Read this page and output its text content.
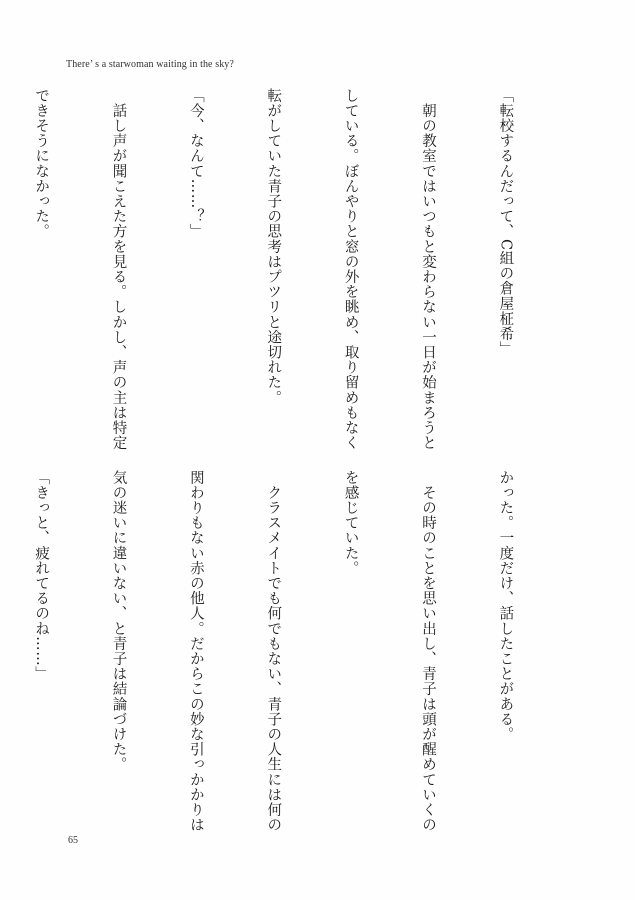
There’ s a starwoman waiting in the sky?

「転校するんだって、C組の倉屋柾希」

　朝の教室ではいつもと変わらない一日が始まろうと

している。ぼんやりと窓の外を眺め、取り留めもなく

転がしていた青子の思考はプツリと途切れた。

「今、なんて……？」

　話し声が聞こえた方を見る。しかし、声の主は特定

できそうになかった。

かった。一度だけ、話したことがある。

　その時のことを思い出し、青子は頭が醒めていくの

を感じていた。

　クラスメイトでも何でもない、青子の人生には何の

関わりもない赤の他人。だからこの妙な引っかかりは

気の迷いに違いない、と青子は結論づけた。

「きっと、疲れてるのね……」

65
